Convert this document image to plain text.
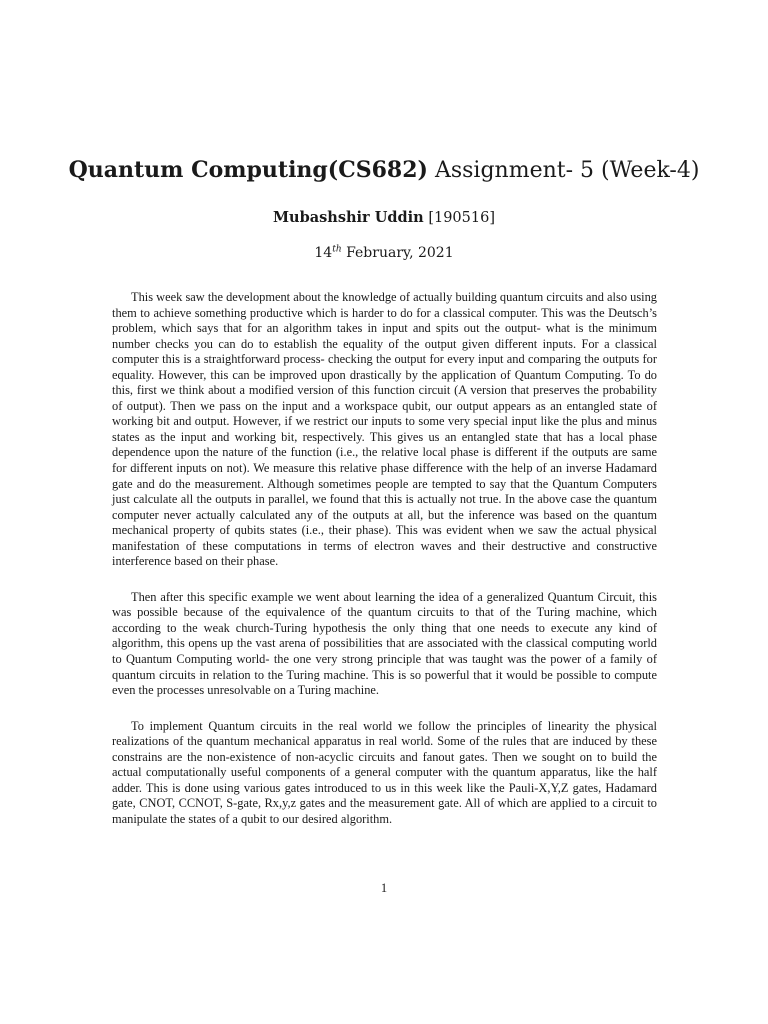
Quantum Computing(CS682) Assignment- 5 (Week-4)
Mubashshir Uddin [190516]
14th February, 2021

This week saw the development about the knowledge of actually building quantum circuits and also using them to achieve something productive which is harder to do for a classical computer. This was the Deutsch’s problem, which says that for an algorithm takes in input and spits out the output- what is the minimum number checks you can do to establish the equality of the output given different inputs. For a classical computer this is a straightforward process- checking the output for every input and comparing the outputs for equality. However, this can be improved upon drastically by the application of Quantum Computing. To do this, first we think about a modified version of this function circuit (A version that preserves the probability of output). Then we pass on the input and a workspace qubit, our output appears as an entangled state of working bit and output. However, if we restrict our inputs to some very special input like the plus and minus states as the input and working bit, respectively. This gives us an entangled state that has a local phase dependence upon the nature of the function (i.e., the relative local phase is different if the outputs are same for different inputs on not). We measure this relative phase difference with the help of an inverse Hadamard gate and do the measurement. Although sometimes people are tempted to say that the Quantum Computers just calculate all the outputs in parallel, we found that this is actually not true. In the above case the quantum computer never actually calculated any of the outputs at all, but the inference was based on the quantum mechanical property of qubits states (i.e., their phase). This was evident when we saw the actual physical manifestation of these computations in terms of electron waves and their destructive and constructive interference based on their phase.

Then after this specific example we went about learning the idea of a generalized Quantum Circuit, this was possible because of the equivalence of the quantum circuits to that of the Turing machine, which according to the weak church-Turing hypothesis the only thing that one needs to execute any kind of algorithm, this opens up the vast arena of possibilities that are associated with the classical computing world to Quantum Computing world- the one very strong principle that was taught was the power of a family of quantum circuits in relation to the Turing machine. This is so powerful that it would be possible to compute even the processes unresolvable on a Turing machine.

To implement Quantum circuits in the real world we follow the principles of linearity the physical realizations of the quantum mechanical apparatus in real world. Some of the rules that are induced by these constrains are the non-existence of non-acyclic circuits and fanout gates. Then we sought on to build the actual computationally useful components of a general computer with the quantum apparatus, like the half adder. This is done using various gates introduced to us in this week like the Pauli-X,Y,Z gates, Hadamard gate, CNOT, CCNOT, S-gate, Rx,y,z gates and the measurement gate. All of which are applied to a circuit to manipulate the states of a qubit to our desired algorithm.

1
